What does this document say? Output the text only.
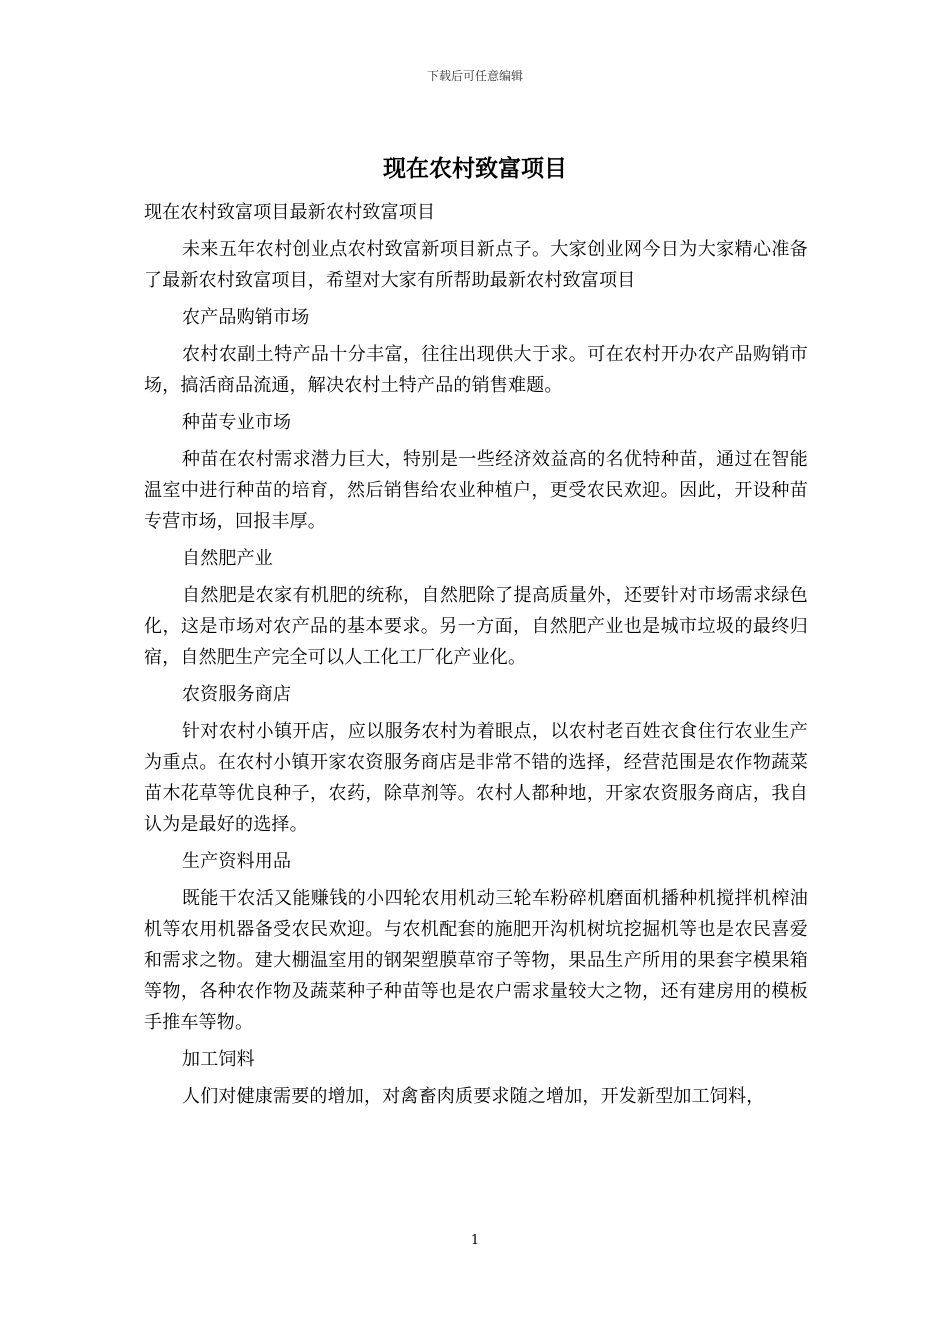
下载后可任意编辑
现在农村致富项目

现在农村致富项目最新农村致富项目

未来五年农村创业点农村致富新项目新点子。大家创业网今日为大家精心准备了最新农村致富项目，希望对大家有所帮助最新农村致富项目

农产品购销市场

农村农副土特产品十分丰富，往往出现供大于求。可在农村开办农产品购销市场，搞活商品流通，解决农村土特产品的销售难题。

种苗专业市场

种苗在农村需求潜力巨大，特别是一些经济效益高的名优特种苗，通过在智能温室中进行种苗的培育，然后销售给农业种植户，更受农民欢迎。因此，开设种苗专营市场，回报丰厚。

自然肥产业

自然肥是农家有机肥的统称，自然肥除了提高质量外，还要针对市场需求绿色化，这是市场对农产品的基本要求。另一方面，自然肥产业也是城市垃圾的最终归宿，自然肥生产完全可以人工化工厂化产业化。

农资服务商店

针对农村小镇开店，应以服务农村为着眼点，以农村老百姓衣食住行农业生产为重点。在农村小镇开家农资服务商店是非常不错的选择，经营范围是农作物蔬菜苗木花草等优良种子，农药，除草剂等。农村人都种地，开家农资服务商店，我自认为是最好的选择。

生产资料用品

既能干农活又能赚钱的小四轮农用机动三轮车粉碎机磨面机播种机搅拌机榨油机等农用机器备受农民欢迎。与农机配套的施肥开沟机树坑挖掘机等也是农民喜爱和需求之物。建大棚温室用的钢架塑膜草帘子等物，果品生产所用的果套字模果箱等物，各种农作物及蔬菜种子种苗等也是农户需求量较大之物，还有建房用的模板手推车等物。

加工饲料

人们对健康需要的增加，对禽畜肉质要求随之增加，开发新型加工饲料，

1
